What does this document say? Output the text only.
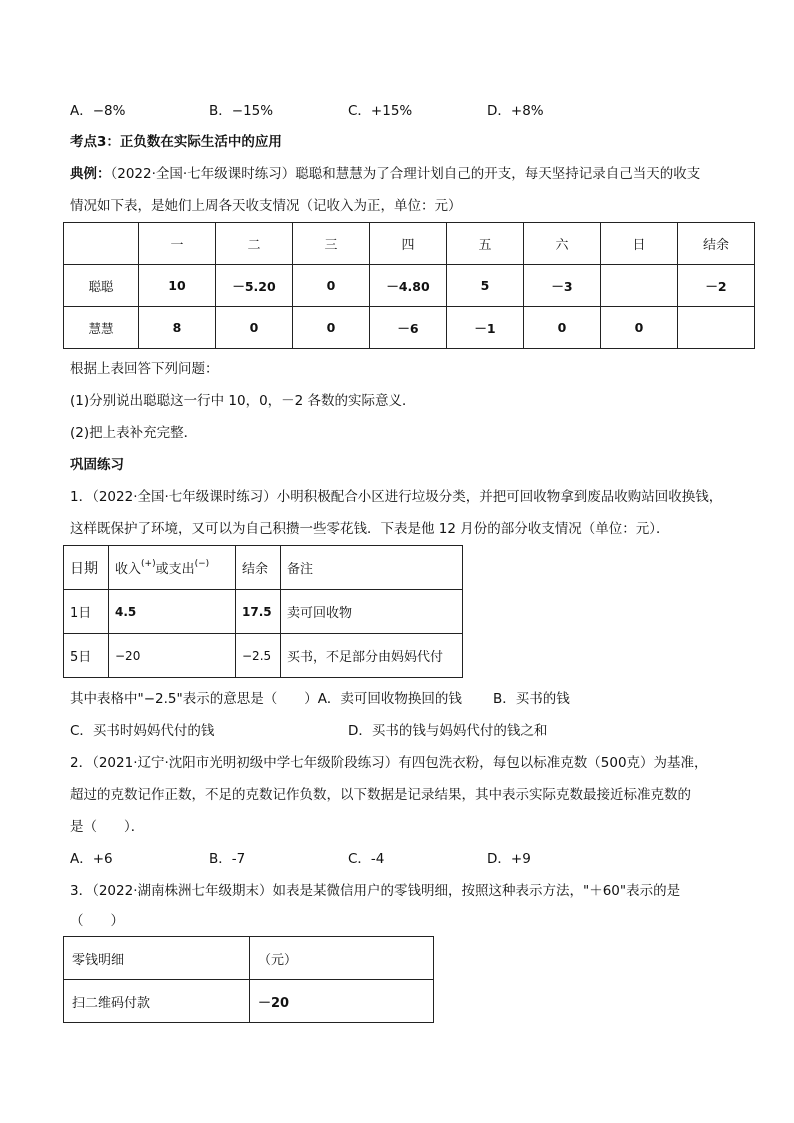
A．−8%	B．−15%	C．+15%	D．+8%
考点3：正负数在实际生活中的应用
典例：（2022·全国·七年级课时练习）聪聪和慧慧为了合理计划自己的开支，每天坚持记录自己当天的收支
情况如下表，是她们上周各天收支情况（记收入为正，单位：元）
	一	二	三	四	五	六	日	结余
聪聪	10	－5.20	0	－4.80	5	－3		－2
慧慧	8	0	0	－6	－1	0	0	
根据上表回答下列问题：
(1)分别说出聪聪这一行中 10，0，－2 各数的实际意义．
(2)把上表补充完整．
巩固练习
1．（2022·全国·七年级课时练习）小明积极配合小区进行垃圾分类，并把可回收物拿到废品收购站回收换钱，
这样既保护了环境，又可以为自己积攒一些零花钱．下表是他 12 月份的部分收支情况（单位：元）．
日期	收入(+)或支出(−)	结余	备注
1日	4.5	17.5	卖可回收物
5日	−20	−2.5	买书，不足部分由妈妈代付
其中表格中"−2.5"表示的意思是（　　）A．卖可回收物换回的钱 B．买书的钱
C．买书时妈妈代付的钱	D．买书的钱与妈妈代付的钱之和
2．（2021·辽宁·沈阳市光明初级中学七年级阶段练习）有四包洗衣粉，每包以标准克数（500克）为基准，
超过的克数记作正数，不足的克数记作负数，以下数据是记录结果，其中表示实际克数最接近标准克数的
是（　　）．
A．+6	B．-7	C．-4	D．+9
3．（2022·湖南株洲七年级期末）如表是某微信用户的零钱明细，按照这种表示方法，"＋60"表示的是
（　　）
零钱明细	（元）
扫二维码付款	－20
